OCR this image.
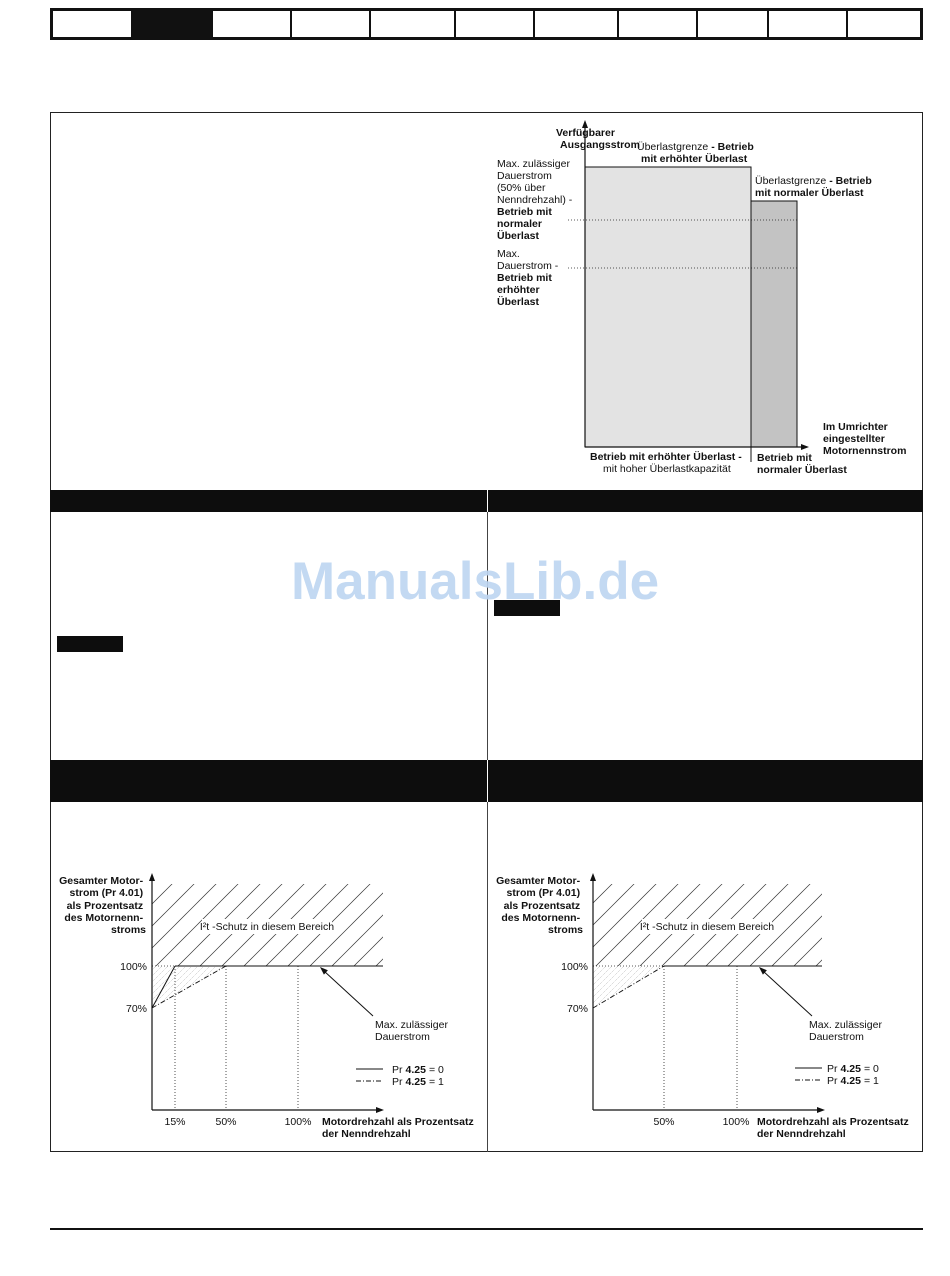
Verfügbarer Ausgangsstrom
Überlastgrenze - Betrieb
mit erhöhter Überlast
Überlastgrenze - Betrieb
mit normaler Überlast
Max. zulässiger Dauerstrom (50% über Nenndrehzahl) - Betrieb mit normaler Überlast
Max. Dauerstrom - Betrieb mit erhöhter Überlast
Im Umrichter eingestellter Motornennstrom
Betrieb mit erhöhter Überlast - mit hoher Überlastkapazität
Betrieb mit normaler Überlast
I²t -Schutz in diesem Bereich
Gesamter Motor- strom (Pr 4.01) als Prozentsatz des Motornenn- stroms
100%
70%
Max. zulässiger Dauerstrom
Pr 4.25 = 0
Pr 4.25 = 1
15%	50%	100% Motordrehzahl als Prozentsatz der Nenndrehzahl
I²t -Schutz in diesem Bereich
Gesamter Motor- strom (Pr 4.01) als Prozentsatz des Motornenn- stroms
100%
70%
Max. zulässiger Dauerstrom
Pr 4.25 = 0
Pr 4.25 = 1
50%	100% Motordrehzahl als Prozentsatz der Nenndrehzahl
ManualsLib.de
